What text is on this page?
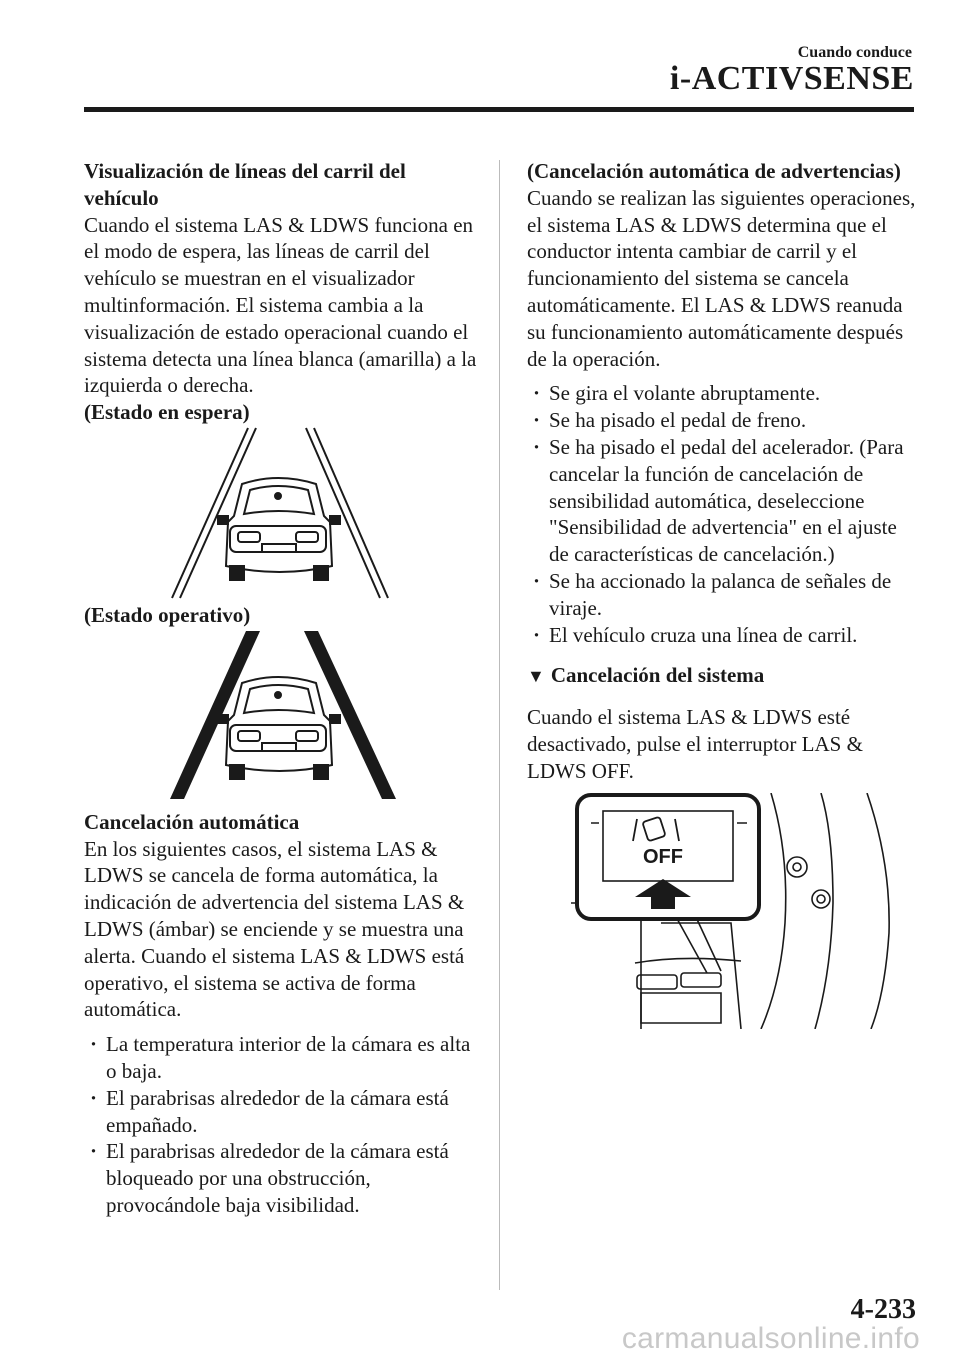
Cuando conduce
i-ACTIVSENSE
Visualización de líneas del carril del vehículo
Cuando el sistema LAS & LDWS funciona en el modo de espera, las líneas de carril del vehículo se muestran en el visualizador multinformación. El sistema cambia a la visualización de estado operacional cuando el sistema detecta una línea blanca (amarilla) a la izquierda o derecha.
(Estado en espera)
(Estado operativo)
Cancelación automática
En los siguientes casos, el sistema LAS & LDWS se cancela de forma automática, la indicación de advertencia del sistema LAS & LDWS (ámbar) se enciende y se muestra una alerta. Cuando el sistema LAS & LDWS está operativo, el sistema se activa de forma automática.
· La temperatura interior de la cámara es alta o baja.
· El parabrisas alrededor de la cámara está empañado.
· El parabrisas alrededor de la cámara está bloqueado por una obstrucción, provocándole baja visibilidad.
(Cancelación automática de advertencias)
Cuando se realizan las siguientes operaciones, el sistema LAS & LDWS determina que el conductor intenta cambiar de carril y el funcionamiento del sistema se cancela automáticamente. El LAS & LDWS reanuda su funcionamiento automáticamente después de la operación.
· Se gira el volante abruptamente.
· Se ha pisado el pedal de freno.
· Se ha pisado el pedal del acelerador. (Para cancelar la función de cancelación de sensibilidad automática, deseleccione "Sensibilidad de advertencia" en el ajuste de características de cancelación.)
· Se ha accionado la palanca de señales de viraje.
· El vehículo cruza una línea de carril.
▼ Cancelación del sistema
Cuando el sistema LAS & LDWS esté desactivado, pulse el interruptor LAS & LDWS OFF.
OFF
4-233
carmanualsonline.info
